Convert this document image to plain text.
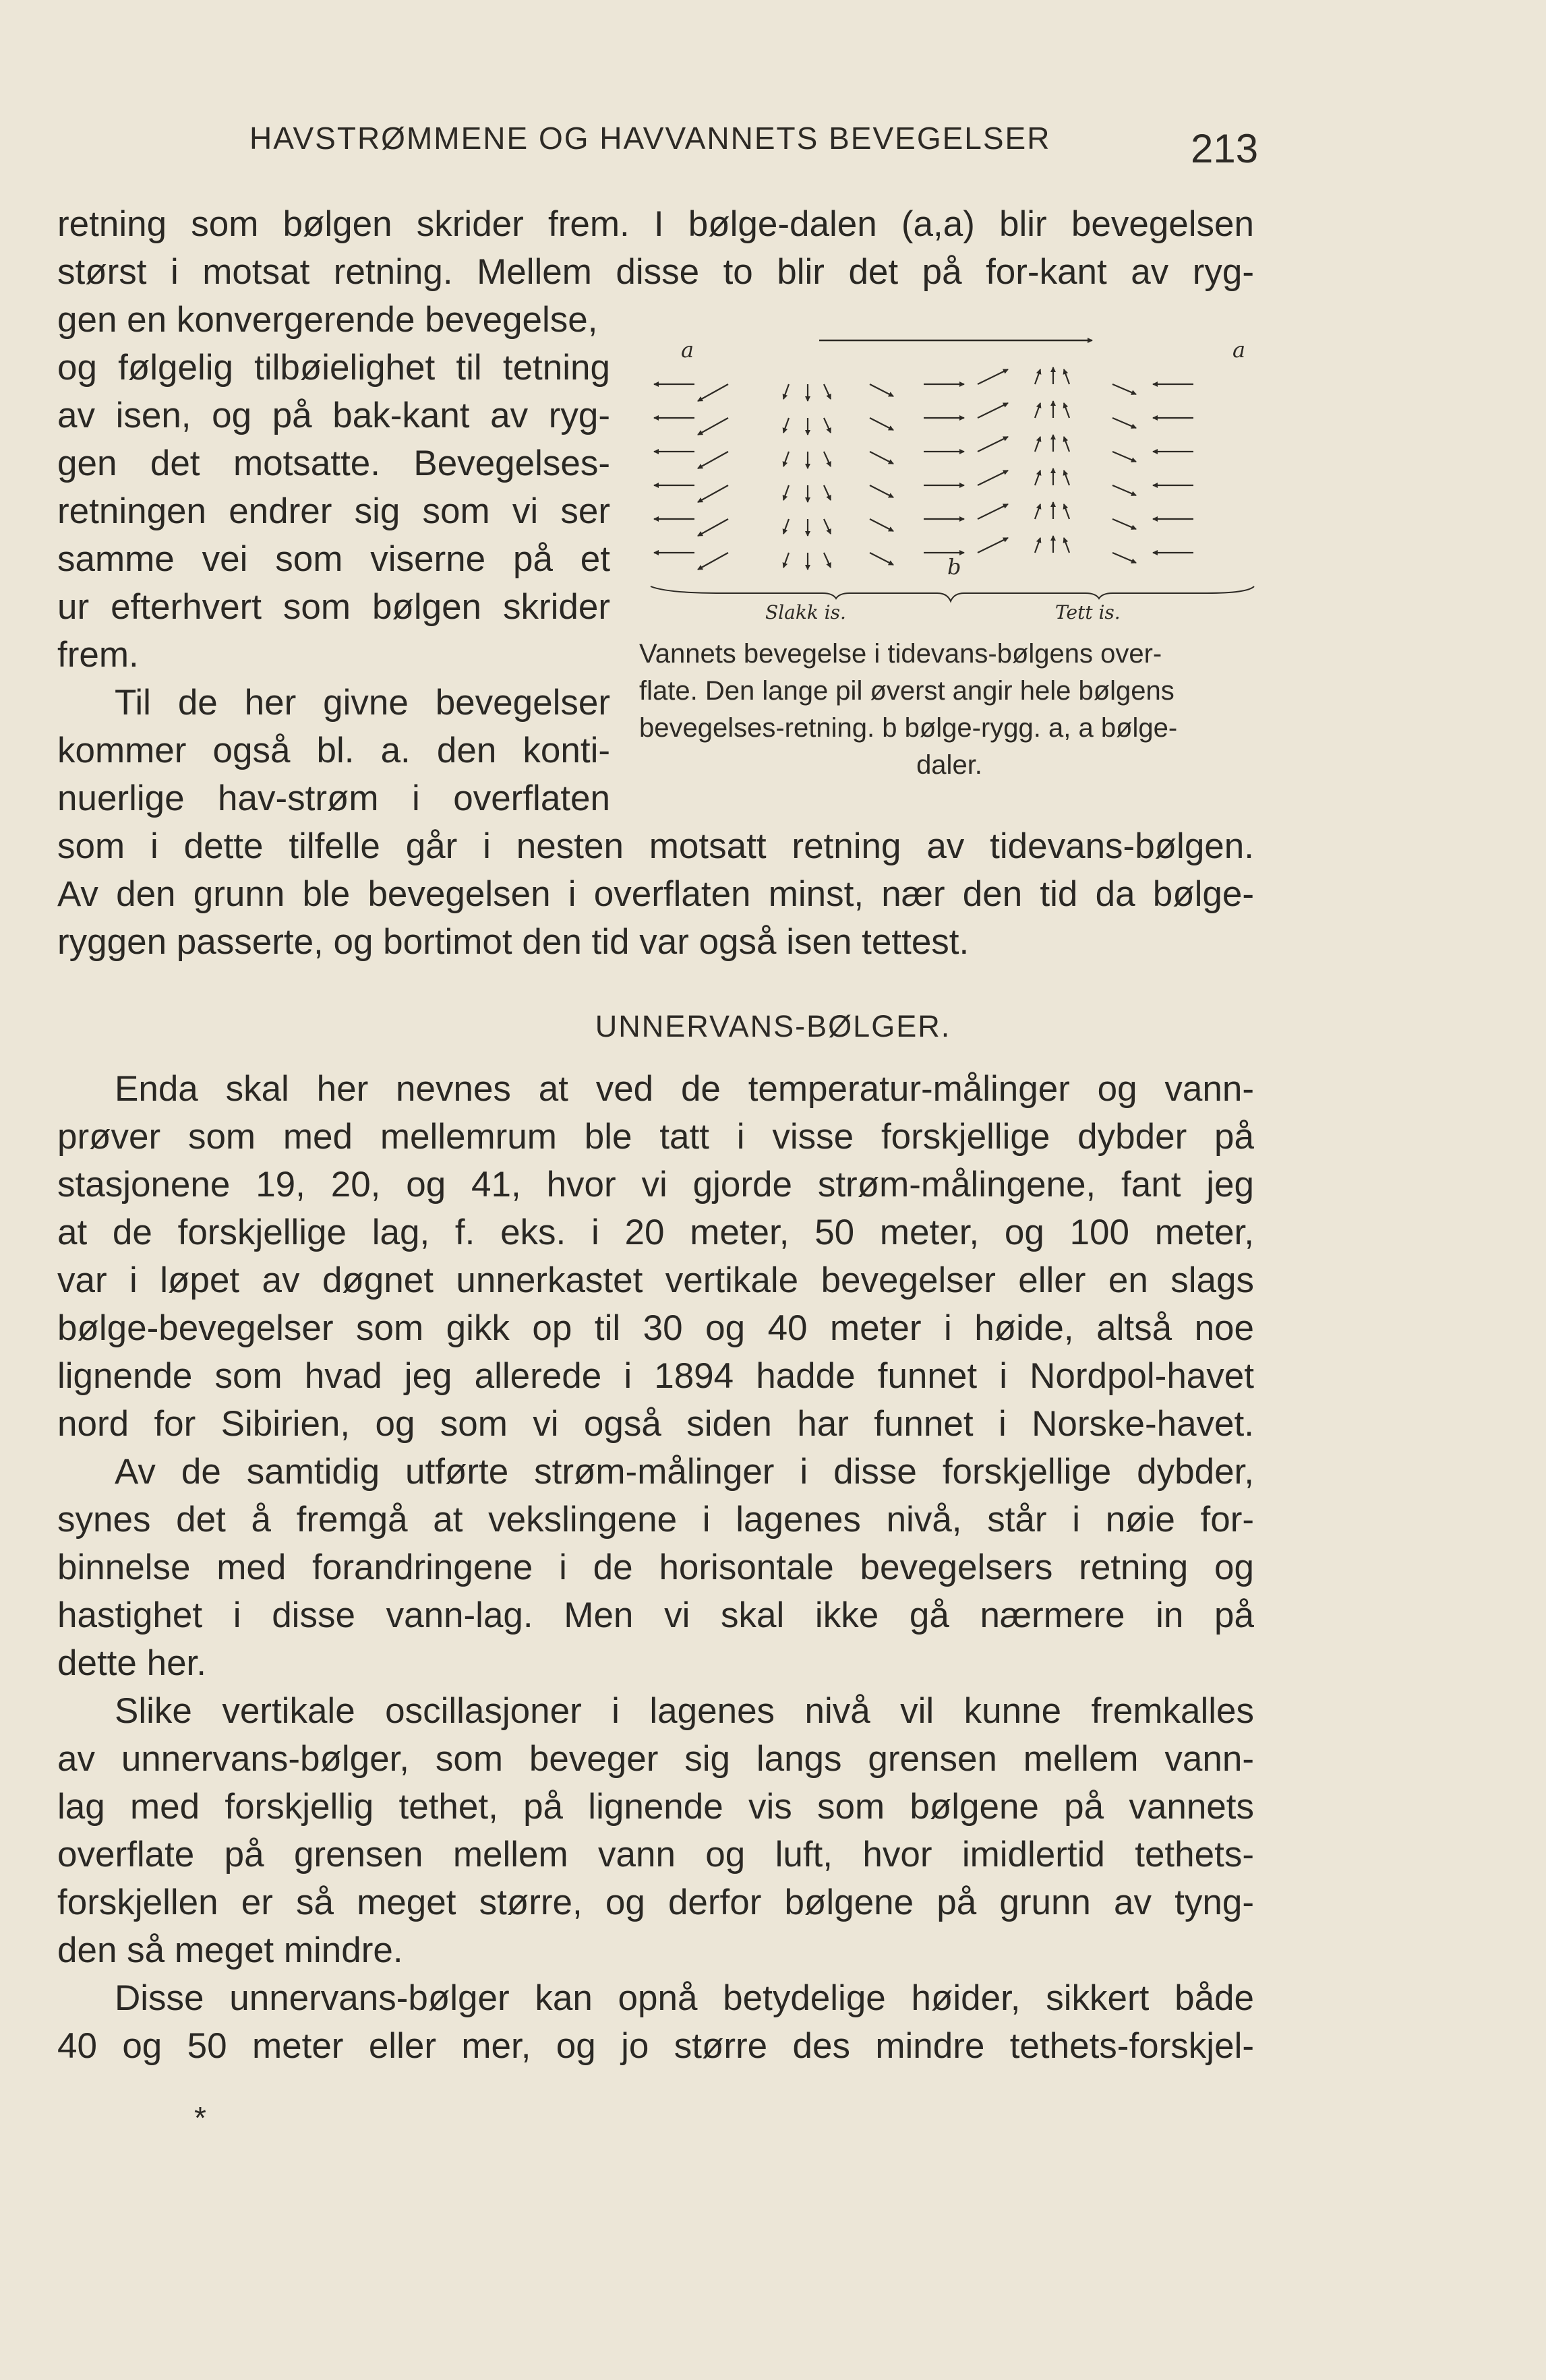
HAVSTRØMMENE OG HAVVANNETS BEVEGELSER	213
retning som bølgen skrider frem. I bølge-dalen (a,a) blir bevegelsen
størst i motsat retning. Mellem disse to blir det på for-kant av ryg-
gen en konvergerende bevegelse,
og følgelig tilbøielighet til tetning
av isen, og på bak-kant av ryg-
gen det motsatte. Bevegelses-
retningen endrer sig som vi ser
samme vei som viserne på et
ur efterhvert som bølgen skrider
frem.
Til de her givne bevegelser
kommer også bl. a. den konti-
nuerlige hav-strøm i overflaten
som i dette tilfelle går i nesten motsatt retning av tidevans-bølgen.
Av den grunn ble bevegelsen i overflaten minst, nær den tid da bølge-
ryggen passerte, og bortimot den tid var også isen tettest.
a	a
b
Slakk is.	Tett is.
Vannets bevegelse i tidevans-bølgens over-
flate. Den lange pil øverst angir hele bølgens
bevegelses-retning. b bølge-rygg. a, a bølge-
daler.
UNNERVANS-BØLGER.
Enda skal her nevnes at ved de temperatur-målinger og vann-
prøver som med mellemrum ble tatt i visse forskjellige dybder på
stasjonene 19, 20, og 41, hvor vi gjorde strøm-målingene, fant jeg
at de forskjellige lag, f. eks. i 20 meter, 50 meter, og 100 meter,
var i løpet av døgnet unnerkastet vertikale bevegelser eller en slags
bølge-bevegelser som gikk op til 30 og 40 meter i høide, altså noe
lignende som hvad jeg allerede i 1894 hadde funnet i Nordpol-havet
nord for Sibirien, og som vi også siden har funnet i Norske-havet.
Av de samtidig utførte strøm-målinger i disse forskjellige dybder,
synes det å fremgå at vekslingene i lagenes nivå, står i nøie for-
binnelse med forandringene i de horisontale bevegelsers retning og
hastighet i disse vann-lag. Men vi skal ikke gå nærmere in på
dette her.
Slike vertikale oscillasjoner i lagenes nivå vil kunne fremkalles
av unnervans-bølger, som beveger sig langs grensen mellem vann-
lag med forskjellig tethet, på lignende vis som bølgene på vannets
overflate på grensen mellem vann og luft, hvor imidlertid tethets-
forskjellen er så meget større, og derfor bølgene på grunn av tyng-
den så meget mindre.
Disse unnervans-bølger kan opnå betydelige høider, sikkert både
40 og 50 meter eller mer, og jo større des mindre tethets-forskjel-
*
